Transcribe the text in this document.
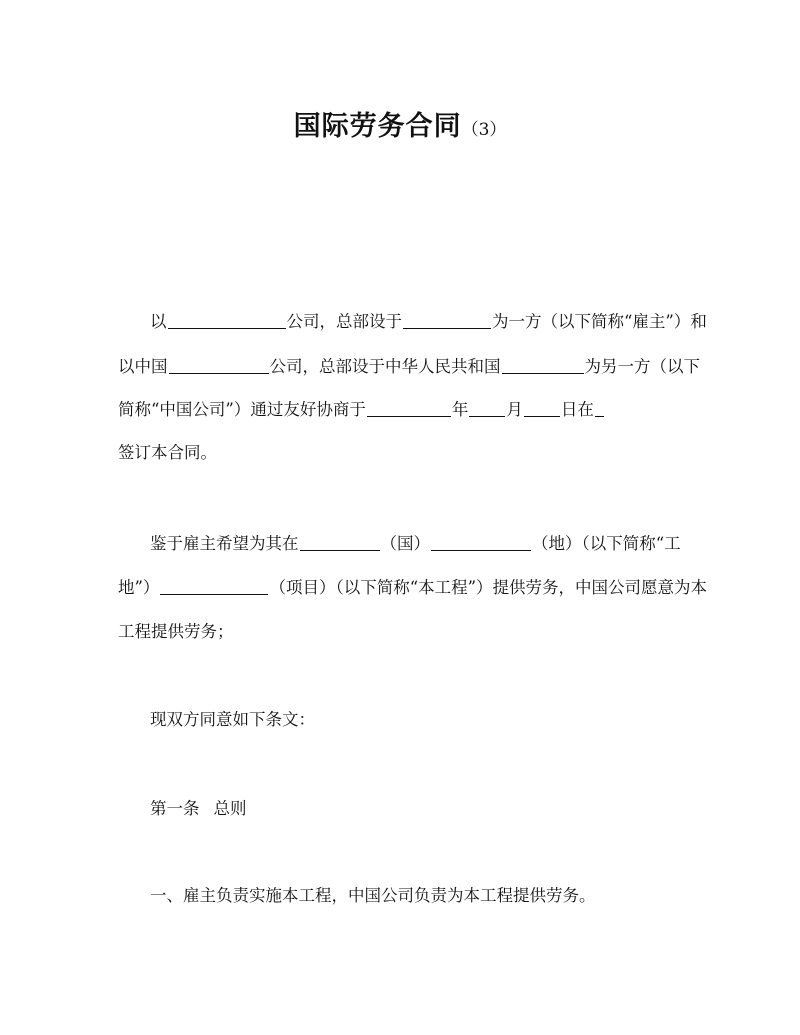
国际劳务合同（3）
以	公司，总部设于	为一方（以下简称“雇主”）和
以中国	公司，总部设于中华人民共和国	为另一方（以下
简称“中国公司”）通过友好协商于	年 月 日在
签订本合同。
鉴于雇主希望为其在	（国）	（地）（以下简称“工
地”）	（项目）（以下简称“本工程”）提供劳务，中国公司愿意为本
工程提供劳务；
现双方同意如下条文：
第一条 总则
一、雇主负责实施本工程，中国公司负责为本工程提供劳务。
